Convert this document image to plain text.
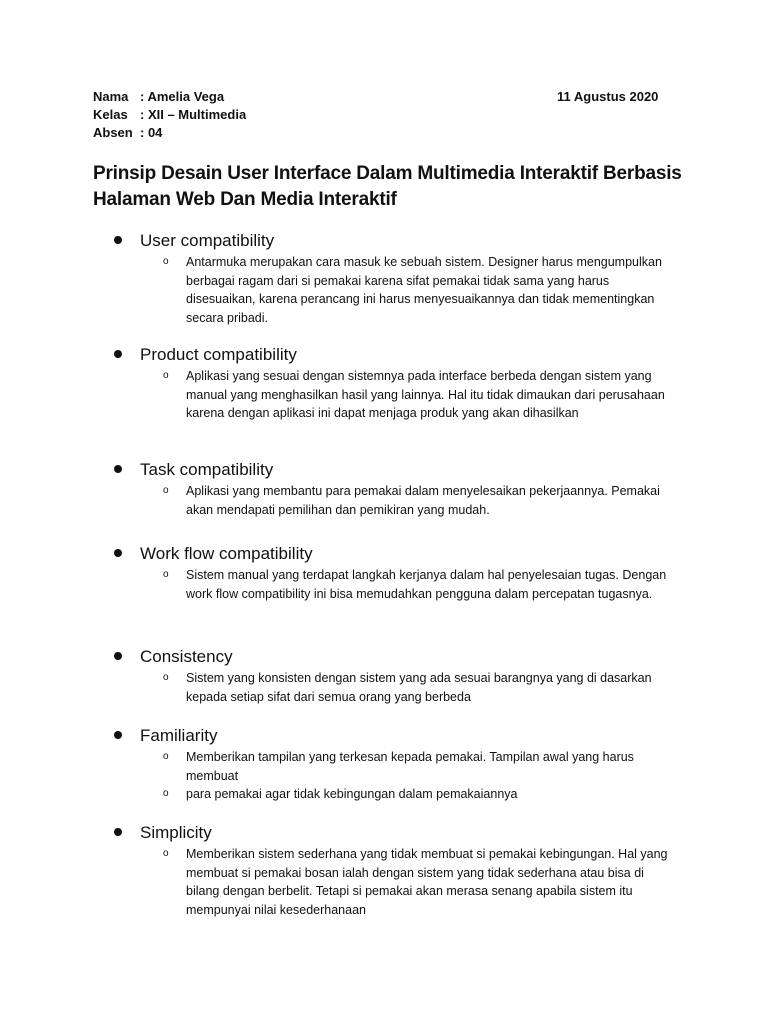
Nama : Amelia Vega
Kelas : XII – Multimedia
Absen : 04
11 Agustus 2020
Prinsip Desain User Interface Dalam Multimedia Interaktif Berbasis Halaman Web Dan Media Interaktif
User compatibility
o Antarmuka merupakan cara masuk ke sebuah sistem. Designer harus mengumpulkan berbagai ragam dari si pemakai karena sifat pemakai tidak sama yang harus disesuaikan, karena perancang ini harus menyesuaikannya dan tidak mementingkan secara pribadi.
Product compatibility
o Aplikasi yang sesuai dengan sistemnya pada interface berbeda dengan sistem yang manual yang menghasilkan hasil yang lainnya. Hal itu tidak dimaukan dari perusahaan karena dengan aplikasi ini dapat menjaga produk yang akan dihasilkan
Task compatibility
o Aplikasi yang membantu para pemakai dalam menyelesaikan pekerjaannya. Pemakai akan mendapati pemilihan dan pemikiran yang mudah.
Work flow compatibility
o Sistem manual yang terdapat langkah kerjanya dalam hal penyelesaian tugas. Dengan work flow compatibility ini bisa memudahkan pengguna dalam percepatan tugasnya.
Consistency
o Sistem yang konsisten dengan sistem yang ada sesuai barangnya yang di dasarkan kepada setiap sifat dari semua orang yang berbeda
Familiarity
o Memberikan tampilan yang terkesan kepada pemakai. Tampilan awal yang harus membuat
o para pemakai agar tidak kebingungan dalam pemakaiannya
Simplicity
o Memberikan sistem sederhana yang tidak membuat si pemakai kebingungan. Hal yang membuat si pemakai bosan ialah dengan sistem yang tidak sederhana atau bisa di bilang dengan berbelit. Tetapi si pemakai akan merasa senang apabila sistem itu mempunyai nilai kesederhanaan
